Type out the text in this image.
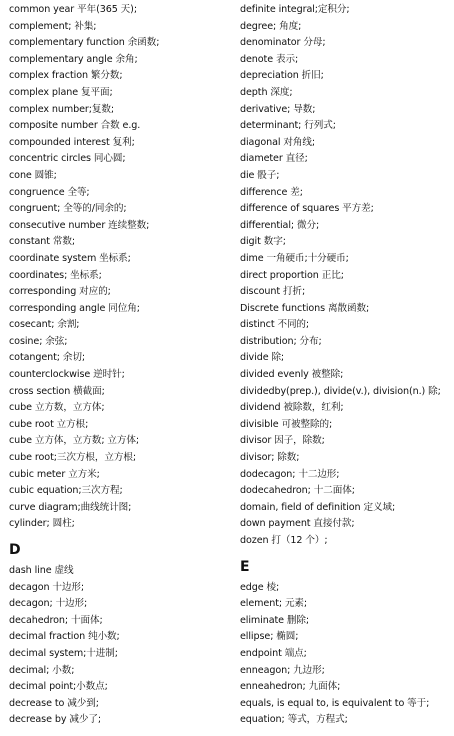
common year 平年(365 天);
complement; 补集;
complementary function 余函数;
complementary angle 余角;
complex fraction 繁分数;
complex plane 复平面;
complex number;复数;
composite number 合数 e.g.
compounded interest 复利;
concentric circles 同心圆;
cone 圆锥;
congruence 全等;
congruent; 全等的/同余的;
consecutive number 连续整数;
constant 常数;
coordinate system 坐标系;
coordinates; 坐标系;
corresponding 对应的;
corresponding angle 同位角;
cosecant; 余割;
cosine; 余弦;
cotangent; 余切;
counterclockwise 逆时针;
cross section 横截面;
cube 立方数，立方体;
cube root 立方根;
cube 立方体，立方数; 立方体;
cube root;三次方根，立方根;
cubic meter 立方米;
cubic equation;三次方程;
curve diagram;曲线统计图;
cylinder; 圆柱;
D
dash line 虚线
decagon 十边形;
decagon; 十边形;
decahedron; 十面体;
decimal fraction 纯小数;
decimal system;十进制;
decimal; 小数;
decimal point;小数点;
decrease to 减少到;
decrease by 减少了;
definite integral;定积分;
degree; 角度;
denominator 分母;
denote 表示;
depreciation 折旧;
depth 深度;
derivative; 导数;
determinant; 行列式;
diagonal 对角线;
diameter 直径;
die 骰子;
difference 差;
difference of squares 平方差;
differential; 微分;
digit 数字;
dime 一角硬币;十分硬币;
direct proportion 正比;
discount 打折;
Discrete functions 离散函数;
distinct 不同的;
distribution; 分布;
divide 除;
divided evenly 被整除;
dividedby(prep.), divide(v.), division(n.) 除;
dividend 被除数，红利;
divisible 可被整除的;
divisor 因子，除数;
divisor; 除数;
dodecagon; 十二边形;
dodecahedron; 十二面体;
domain, field of definition 定义域;
down payment 直接付款;
dozen 打（12 个）;
E
edge 棱;
element; 元素;
eliminate 删除;
ellipse; 椭圆;
endpoint 端点;
enneagon; 九边形;
enneahedron; 九面体;
equals, is equal to, is equivalent to 等于;
equation; 等式，方程式;
